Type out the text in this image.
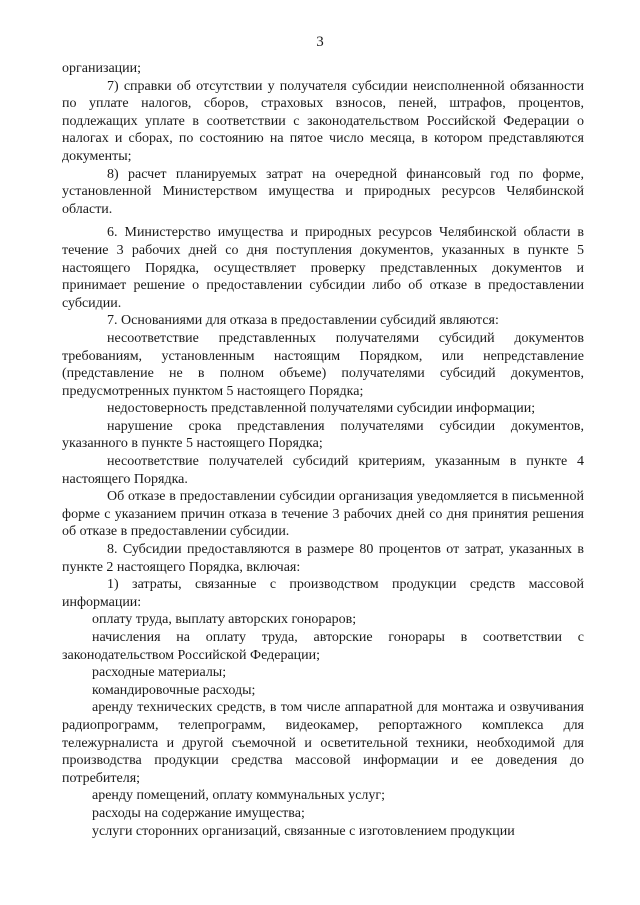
3

организации;

7) справки об отсутствии у получателя субсидии неисполненной обязанности по уплате налогов, сборов, страховых взносов, пеней, штрафов, процентов, подлежащих уплате в соответствии с законодательством Российской Федерации о налогах и сборах, по состоянию на пятое число месяца, в котором представляются документы;

8) расчет планируемых затрат на очередной финансовый год по форме, установленной Министерством имущества и природных ресурсов Челябинской области.

6. Министерство имущества и природных ресурсов Челябинской области в течение 3 рабочих дней со дня поступления документов, указанных в пункте 5 настоящего Порядка, осуществляет проверку представленных документов и принимает решение о предоставлении субсидии либо об отказе в предоставлении субсидии.

7. Основаниями для отказа в предоставлении субсидий являются:

несоответствие представленных получателями субсидий документов требованиям, установленным настоящим Порядком, или непредставление (представление не в полном объеме) получателями субсидий документов, предусмотренных пунктом 5 настоящего Порядка;

недостоверность представленной получателями субсидии информации;

нарушение срока представления получателями субсидии документов, указанного в пункте 5 настоящего Порядка;

несоответствие получателей субсидий критериям, указанным в пункте 4 настоящего Порядка.

Об отказе в предоставлении субсидии организация уведомляется в письменной форме с указанием причин отказа в течение 3 рабочих дней со дня принятия решения об отказе в предоставлении субсидии.

8. Субсидии предоставляются в размере 80 процентов от затрат, указанных в пункте 2 настоящего Порядка, включая:

1) затраты, связанные с производством продукции средств массовой информации:

оплату труда, выплату авторских гонораров;

начисления на оплату труда, авторские гонорары в соответствии с законодательством Российской Федерации;

расходные материалы;

командировочные расходы;

аренду технических средств, в том числе аппаратной для монтажа и озвучивания радиопрограмм, телепрограмм, видеокамер, репортажного комплекса для тележурналиста и другой съемочной и осветительной техники, необходимой для производства продукции средства массовой информации и ее доведения до потребителя;

аренду помещений, оплату коммунальных услуг;

расходы на содержание имущества;

услуги сторонних организаций, связанные с изготовлением продукции
